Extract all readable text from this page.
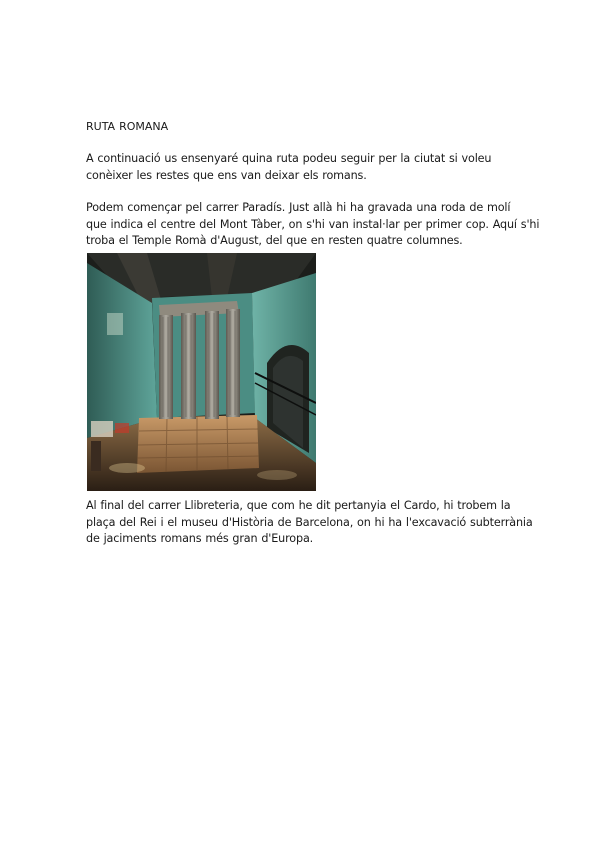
RUTA ROMANA
A continuació us ensenyaré quina ruta podeu seguir per la ciutat si voleu
conèixer les restes que ens van deixar els romans.
Podem començar pel carrer Paradís. Just allà hi ha gravada una roda de molí
que indica el centre del Mont Tàber, on s'hi van instal·lar per primer cop. Aquí s'hi
troba el Temple Romà d'August, del que en resten quatre columnes.
Al final del carrer Llibreteria, que com he dit pertanyia el Cardo, hi trobem la
plaça del Rei i el museu d'Història de Barcelona, on hi ha l'excavació subterrània
de jaciments romans més gran d'Europa.
